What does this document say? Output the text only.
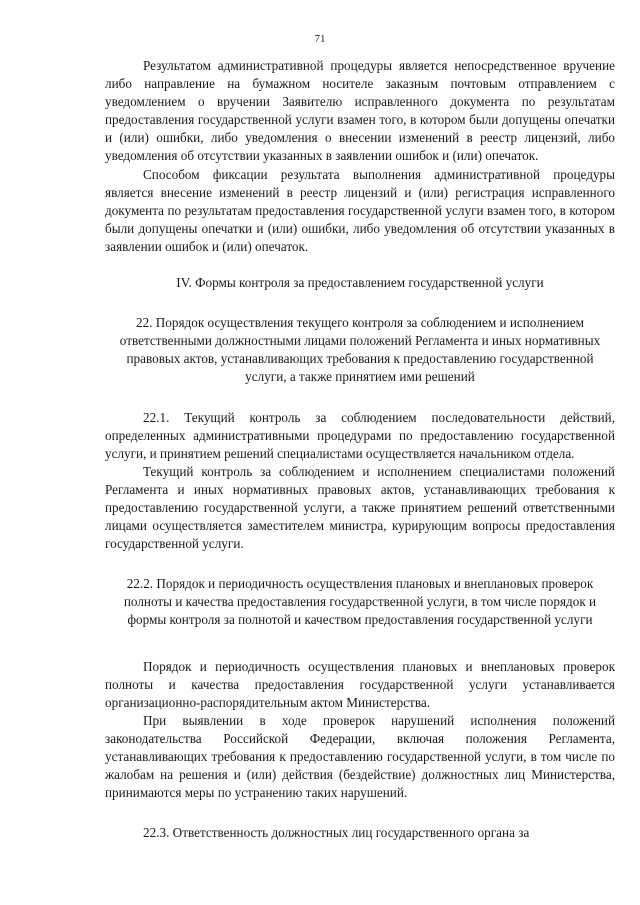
71

Результатом административной процедуры является непосредственное вручение либо направление на бумажном носителе заказным почтовым отправлением с уведомлением о вручении Заявителю исправленного документа по результатам предоставления государственной услуги взамен того, в котором были допущены опечатки и (или) ошибки, либо уведомления о внесении изменений в реестр лицензий, либо уведомления об отсутствии указанных в заявлении ошибок и (или) опечаток.

Способом фиксации результата выполнения административной процедуры является внесение изменений в реестр лицензий и (или) регистрация исправленного документа по результатам предоставления государственной услуги взамен того, в котором были допущены опечатки и (или) ошибки, либо уведомления об отсутствии указанных в заявлении ошибок и (или) опечаток.

IV. Формы контроля за предоставлением государственной услуги

22. Порядок осуществления текущего контроля за соблюдением и исполнением ответственными должностными лицами положений Регламента и иных нормативных правовых актов, устанавливающих требования к предоставлению государственной услуги, а также принятием ими решений

22.1. Текущий контроль за соблюдением последовательности действий, определенных административными процедурами по предоставлению государственной услуги, и принятием решений специалистами осуществляется начальником отдела.

Текущий контроль за соблюдением и исполнением специалистами положений Регламента и иных нормативных правовых актов, устанавливающих требования к предоставлению государственной услуги, а также принятием решений ответственными лицами осуществляется заместителем министра, курирующим вопросы предоставления государственной услуги.

22.2. Порядок и периодичность осуществления плановых и внеплановых проверок полноты и качества предоставления государственной услуги, в том числе порядок и формы контроля за полнотой и качеством предоставления государственной услуги

Порядок и периодичность осуществления плановых и внеплановых проверок полноты и качества предоставления государственной услуги устанавливается организационно-распорядительным актом Министерства.

При выявлении в ходе проверок нарушений исполнения положений законодательства Российской Федерации, включая положения Регламента, устанавливающих требования к предоставлению государственной услуги, в том числе по жалобам на решения и (или) действия (бездействие) должностных лиц Министерства, принимаются меры по устранению таких нарушений.

22.3. Ответственность должностных лиц государственного органа за
